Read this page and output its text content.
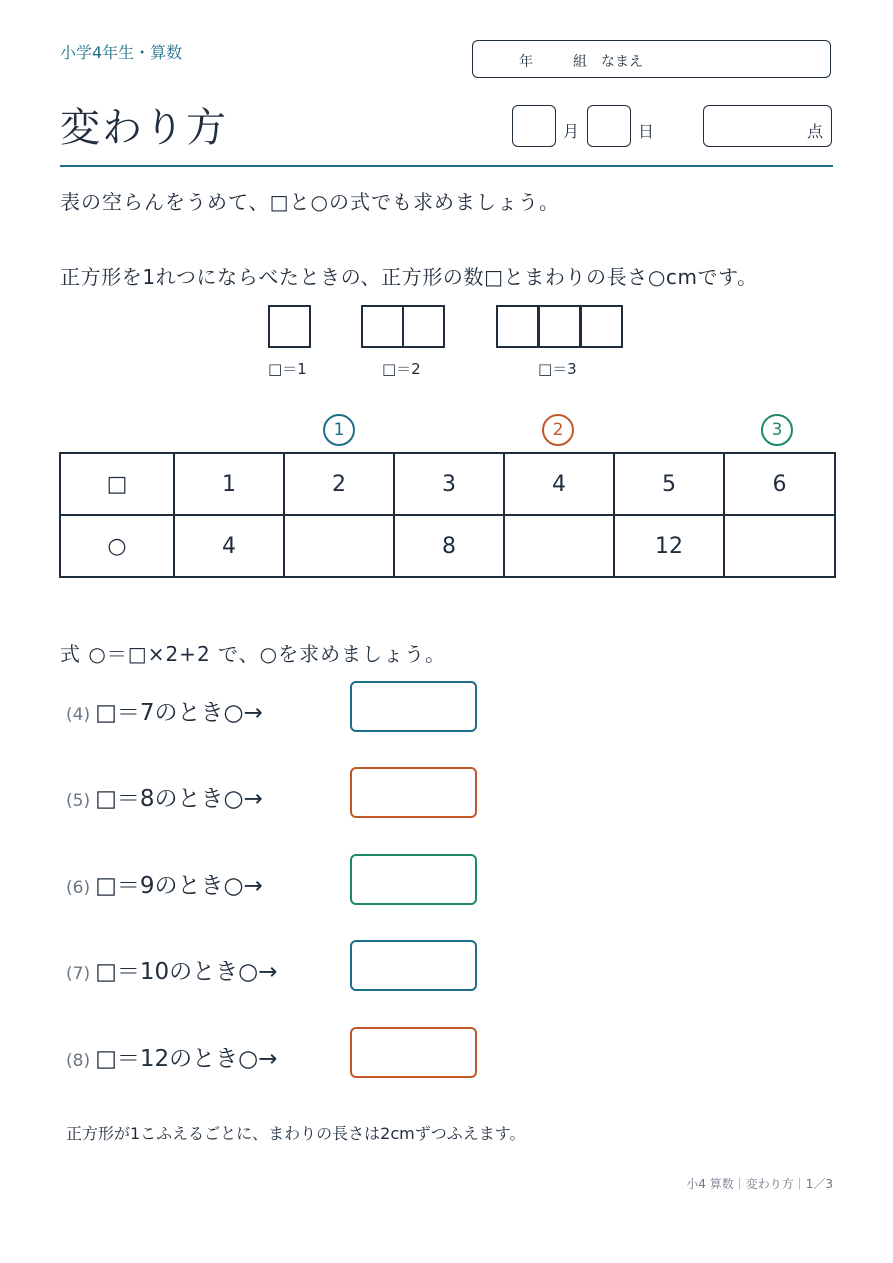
小学4年生・算数	年	組 なまえ
変わり方	月	日	点
表の空らんをうめて、□と○の式でも求めましょう。
正方形を1れつにならべたときの、正方形の数□とまわりの長さ○cmです。
□＝1	□＝2	□＝3
1	2	3
□	1	2	3	4	5	6
○	4		8		12	
式 ○＝□×2+2 で、○を求めましょう。
(4) □＝7のとき○→
(5) □＝8のとき○→
(6) □＝9のとき○→
(7) □＝10のとき○→
(8) □＝12のとき○→
正方形が1こふえるごとに、まわりの長さは2cmずつふえます。
小4 算数｜変わり方｜1／3
